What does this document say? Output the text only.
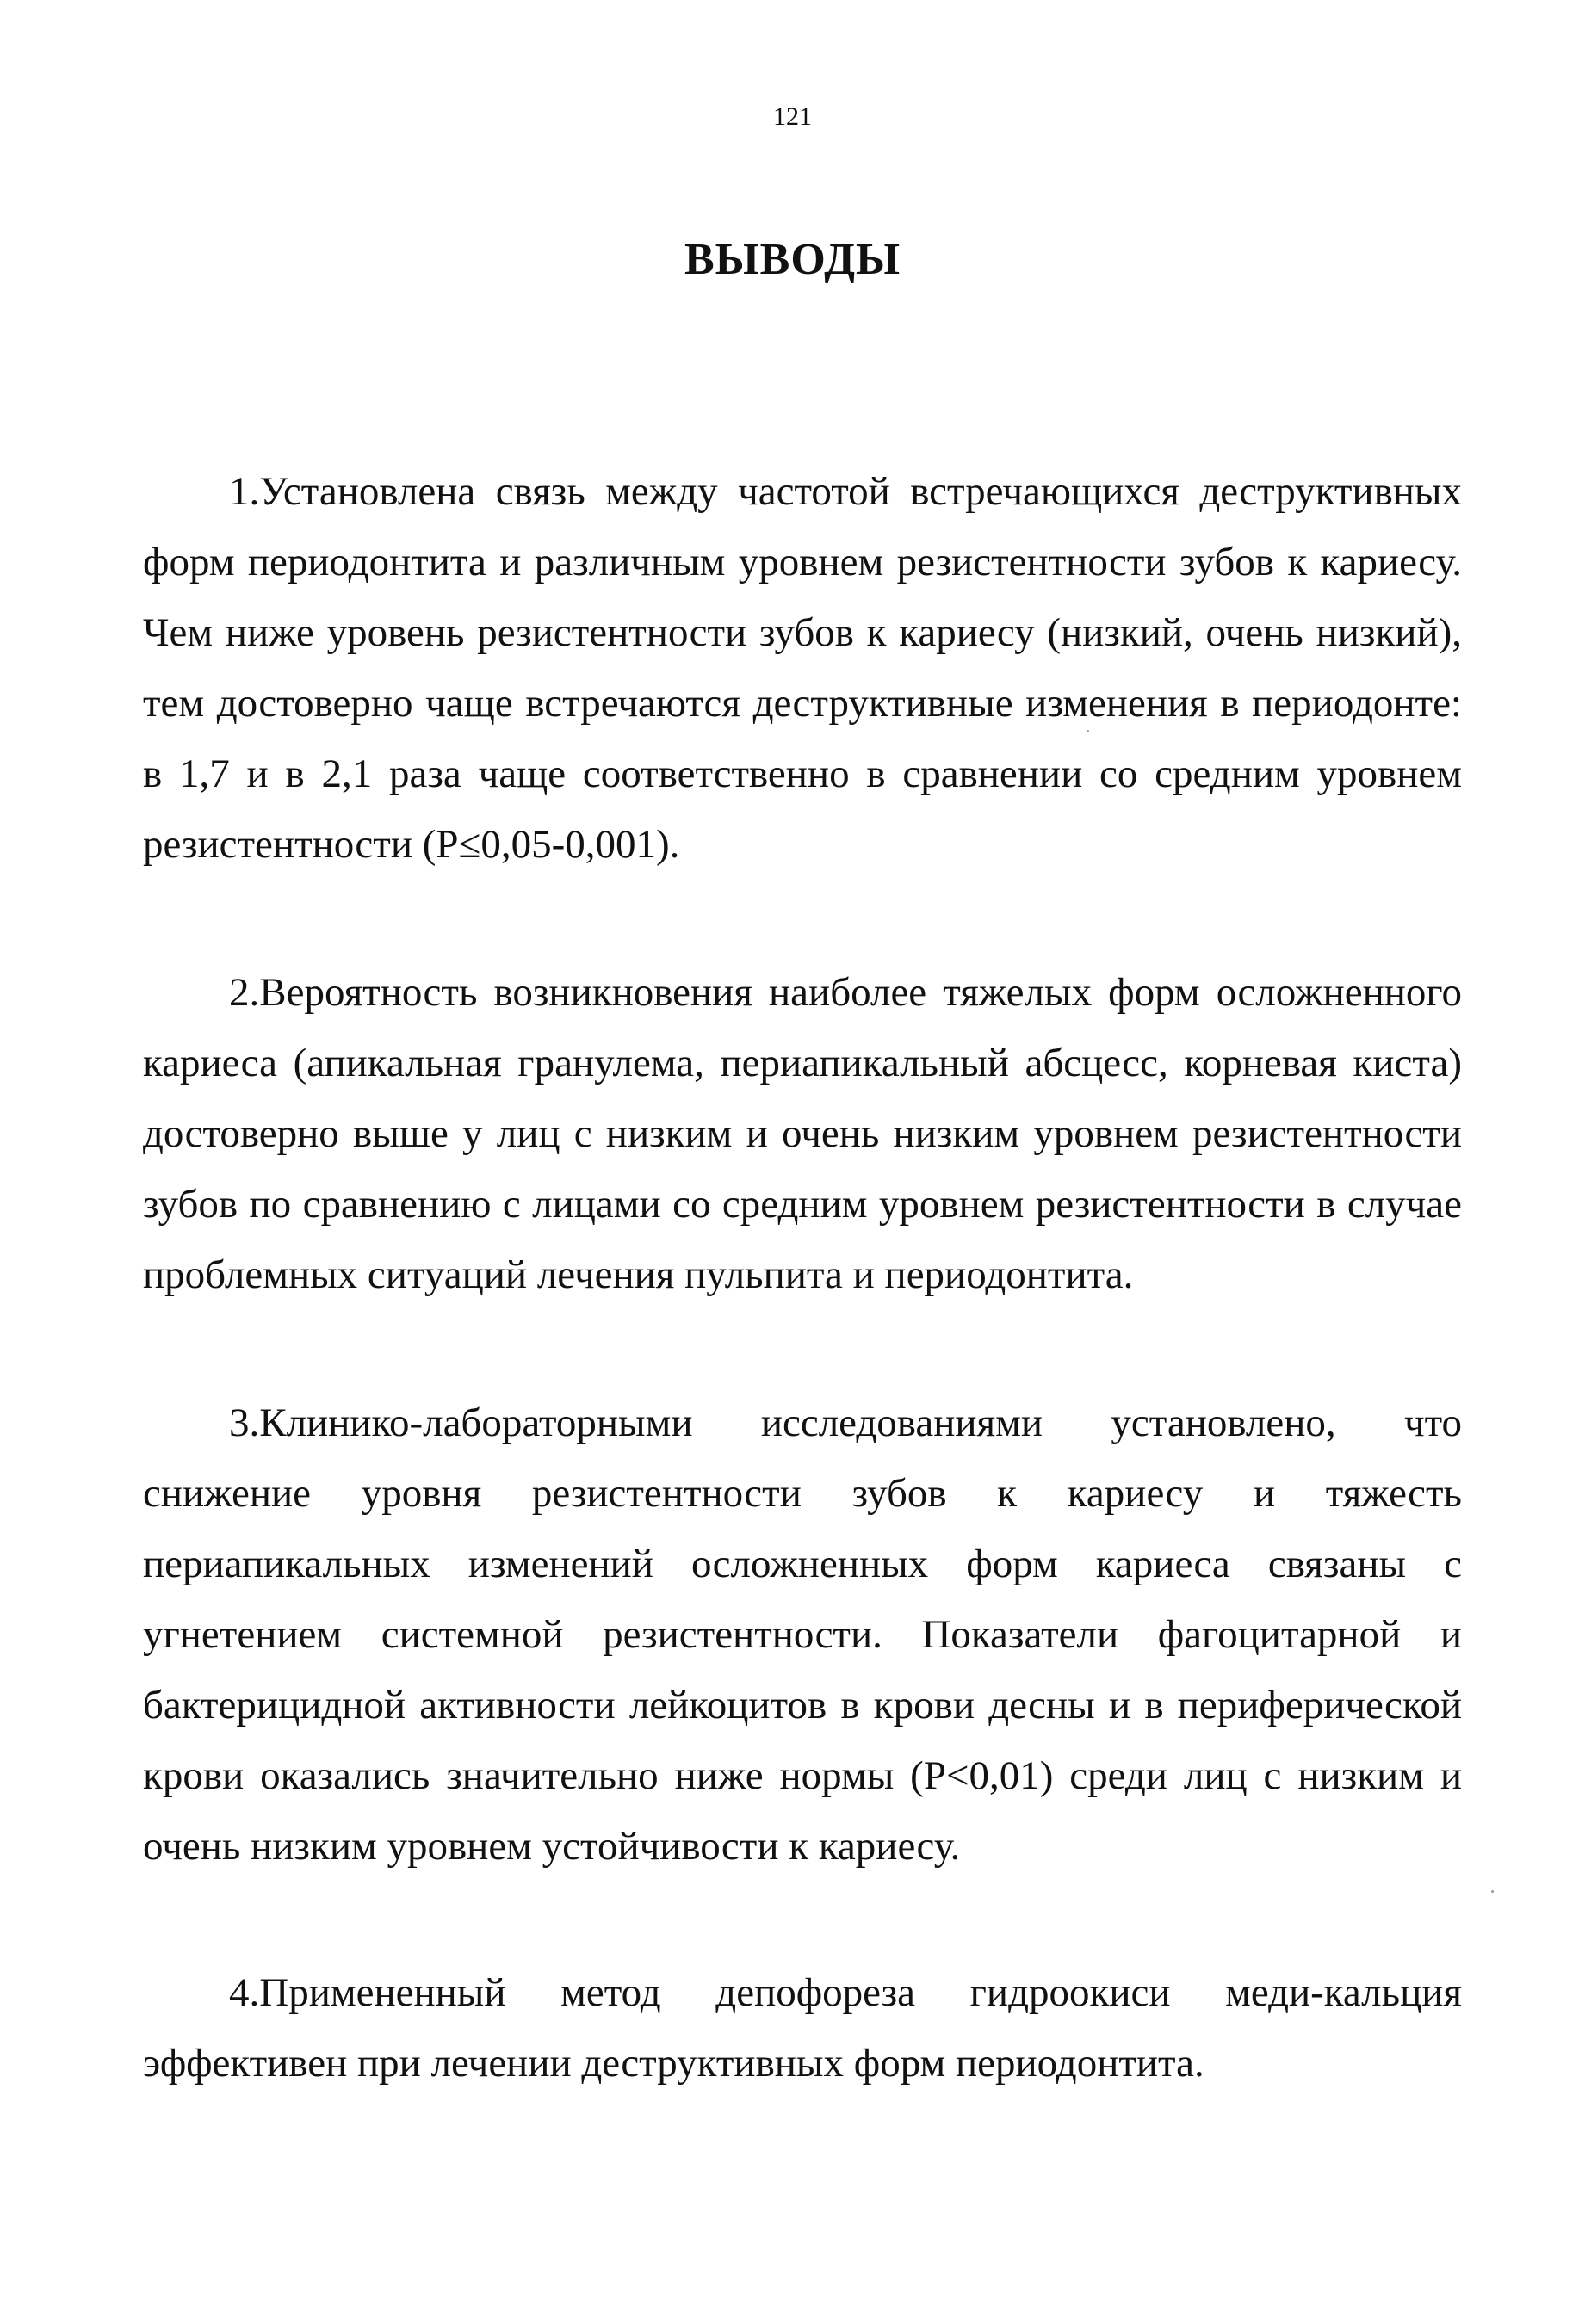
121
ВЫВОДЫ

1.Установлена связь между частотой встречающихся деструктивных форм периодонтита и различным уровнем резистентности зубов к кариесу. Чем ниже уровень резистентности зубов к кариесу (низкий, очень низкий), тем достоверно чаще встречаются деструктивные изменения в периодонте: в 1,7 и в 2,1 раза чаще соответственно в сравнении со средним уровнем резистентности (Р≤0,05-0,001).

2.Вероятность возникновения наиболее тяжелых форм осложненного кариеса (апикальная гранулема, периапикальный абсцесс, корневая киста) достоверно выше у лиц с низким и очень низким уровнем резистентности зубов по сравнению с лицами со средним уровнем резистентности в случае проблемных ситуаций лечения пульпита и периодонтита.

3.Клинико-лабораторными исследованиями установлено, что снижение уровня резистентности зубов к кариесу и тяжесть периапикальных изменений осложненных форм кариеса связаны с угнетением системной резистентности. Показатели фагоцитарной и бактерицидной активности лейкоцитов в крови десны и в периферической крови оказались значительно ниже нормы (Р<0,01) среди лиц с низким и очень низким уровнем устойчивости к кариесу.

4.Примененный метод депофореза гидроокиси меди-кальция эффективен при лечении деструктивных форм периодонтита.
